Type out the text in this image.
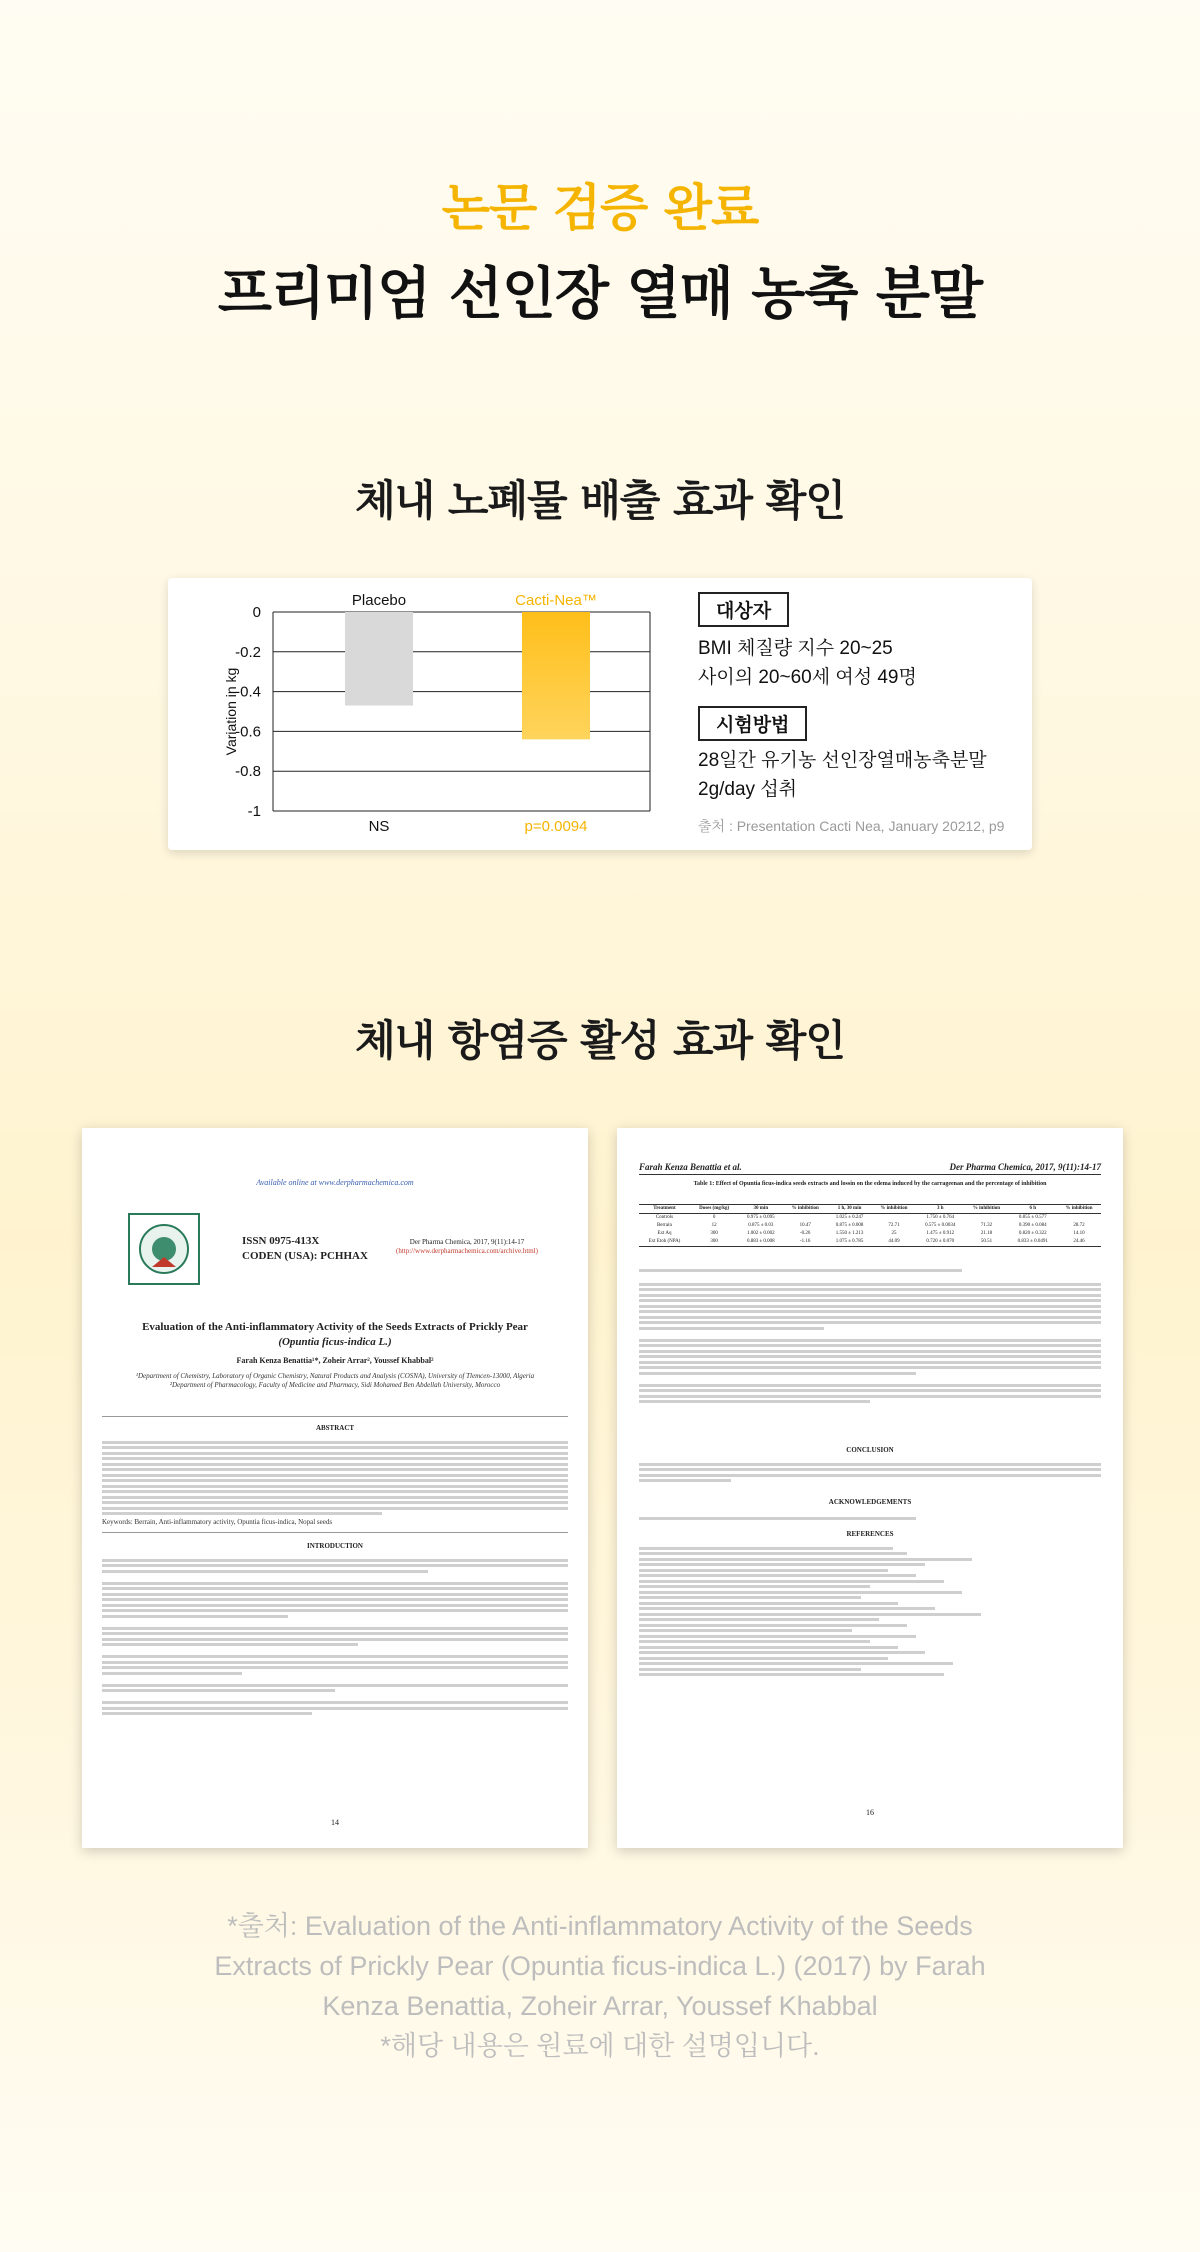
논문 검증 완료
프리미엄 선인장 열매 농축 분말
체내 노폐물 배출 효과 확인
0
-0.2
-0.4
-0.6
-0.8
-1
Variation in kg
Placebo
NS
Cacti-Nea™
p=0.0094
대상자
BMI 체질량 지수 20~25
사이의 20~60세 여성 49명
시험방법
28일간 유기농 선인장열매농축분말
2g/day 섭취
출처 : Presentation Cacti Nea, January 20212, p9
체내 항염증 활성 효과 확인
Available online at www.derpharmachemica.com
ISSN 0975-413X
CODEN (USA): PCHHAX
Der Pharma Chemica, 2017, 9(11):14-17
(http://www.derpharmachemica.com/archive.html)
Evaluation of the Anti-inflammatory Activity of the Seeds Extracts of Prickly Pear
(Opuntia ficus-indica L.)
Farah Kenza Benattia¹*, Zoheir Arrar², Youssef Khabbal²
¹Department of Chemistry, Laboratory of Organic Chemistry, Natural Products and Analysis (COSNA), University of Tlemcen-13000, Algeria
²Department of Pharmacology, Faculty of Medicine and Pharmacy, Sidi Mohamed Ben Abdellah University, Morocco
ABSTRACT
Keywords: Berrain, Anti-inflammatory activity, Opuntia ficus-indica, Nopal seeds
INTRODUCTION
14
Farah Kenza Benattia et al.	Der Pharma Chemica, 2017, 9(11):14-17
Table 1: Effect of Opuntia ficus-indica seeds extracts and lossin on the edema induced by the carrageenan and the percentage of inhibition
Treatment	Doses (mg/kg)	30 min	% inhibition	1 h, 30 min	% inhibition	3 h	% inhibition	6 h	% inhibition
Controls	0	0.975 ± 0.095		1.025 ± 0.247		1.750 ± 0.764		0.855 ± 0.577	
Berrain	12	0.875 ± 0.03	10.47	0.875 ± 0.008	72.71	0.575 ± 0.0034	71.32	0.390 ± 0.084	28.72
Ext Aq	300	1.002 ± 0.002	-0.26	1.550 ± 1.213	25	1.475 ± 0.912	21.18	0.820 ± 0.322	14.10
Ext Etoh (NPA)	300	0.883 ± 0.008	-1.16	1.075 ± 0.785	44.09	0.720 ± 0.070	50.51	0.833 ± 0.0491	24.46
CONCLUSION
ACKNOWLEDGEMENTS
REFERENCES
16
*출처: Evaluation of the Anti-inflammatory Activity of the Seeds
Extracts of Prickly Pear (Opuntia ficus-indica L.) (2017) by Farah
Kenza Benattia, Zoheir Arrar, Youssef Khabbal
*해당 내용은 원료에 대한 설명입니다.
